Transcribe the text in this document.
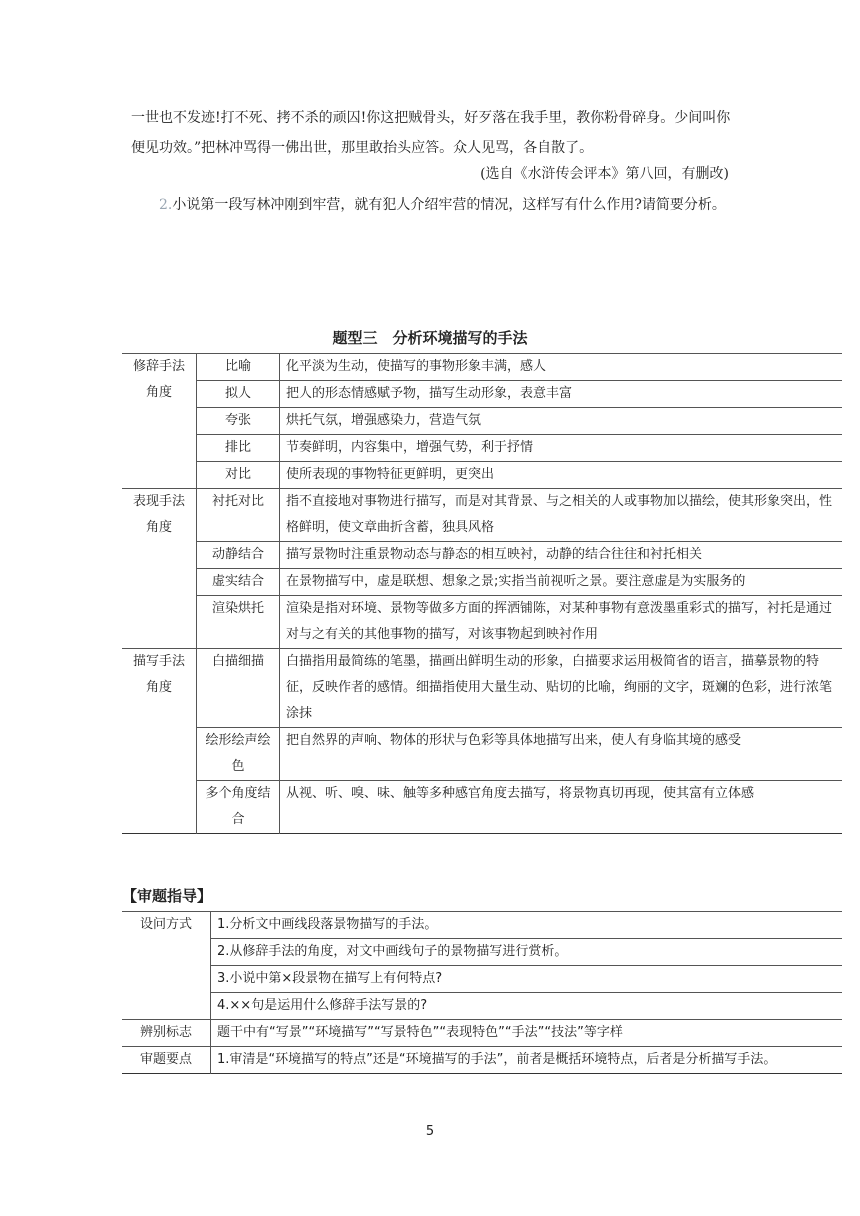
一世也不发迹!打不死、拷不杀的顽囚!你这把贼骨头，好歹落在我手里，教你粉骨碎身。少间叫你便见功效。”把林冲骂得一佛出世，那里敢抬头应答。众人见骂，各自散了。

(选自《水浒传会评本》第八回，有删改)

2.小说第一段写林冲刚到牢营，就有犯人介绍牢营的情况，这样写有什么作用?请简要分析。

题型三　分析环境描写的手法
修辞手法角度	比喻	化平淡为生动，使描写的事物形象丰满，感人
	拟人	把人的形态情感赋予物，描写生动形象，表意丰富
	夸张	烘托气氛，增强感染力，营造气氛
	排比	节奏鲜明，内容集中，增强气势，利于抒情
	对比	使所表现的事物特征更鲜明，更突出
表现手法角度	衬托对比	指不直接地对事物进行描写，而是对其背景、与之相关的人或事物加以描绘，使其形象突出，性格鲜明，使文章曲折含蓄，独具风格
	动静结合	描写景物时注重景物动态与静态的相互映衬，动静的结合往往和衬托相关
	虚实结合	在景物描写中，虚是联想、想象之景;实指当前视听之景。要注意虚是为实服务的
	渲染烘托	渲染是指对环境、景物等做多方面的挥洒铺陈，对某种事物有意泼墨重彩式的描写，衬托是通过对与之有关的其他事物的描写，对该事物起到映衬作用
描写手法角度	白描细描	白描指用最简练的笔墨，描画出鲜明生动的形象，白描要求运用极简省的语言，描摹景物的特征，反映作者的感情。细描指使用大量生动、贴切的比喻，绚丽的文字，斑斓的色彩，进行浓笔涂抹
	绘形绘声绘色	把自然界的声响、物体的形状与色彩等具体地描写出来，使人有身临其境的感受
	多个角度结合	从视、听、嗅、味、触等多种感官角度去描写，将景物真切再现，使其富有立体感
【审题指导】
设问方式	1.分析文中画线段落景物描写的手法。
	2.从修辞手法的角度，对文中画线句子的景物描写进行赏析。
	3.小说中第×段景物在描写上有何特点?
	4.××句是运用什么修辞手法写景的?
辨别标志	题干中有“写景”“环境描写”“写景特色”“表现特色”“手法”“技法”等字样
审题要点	1.审清是“环境描写的特点”还是“环境描写的手法”，前者是概括环境特点，后者是分析描写手法。
5
